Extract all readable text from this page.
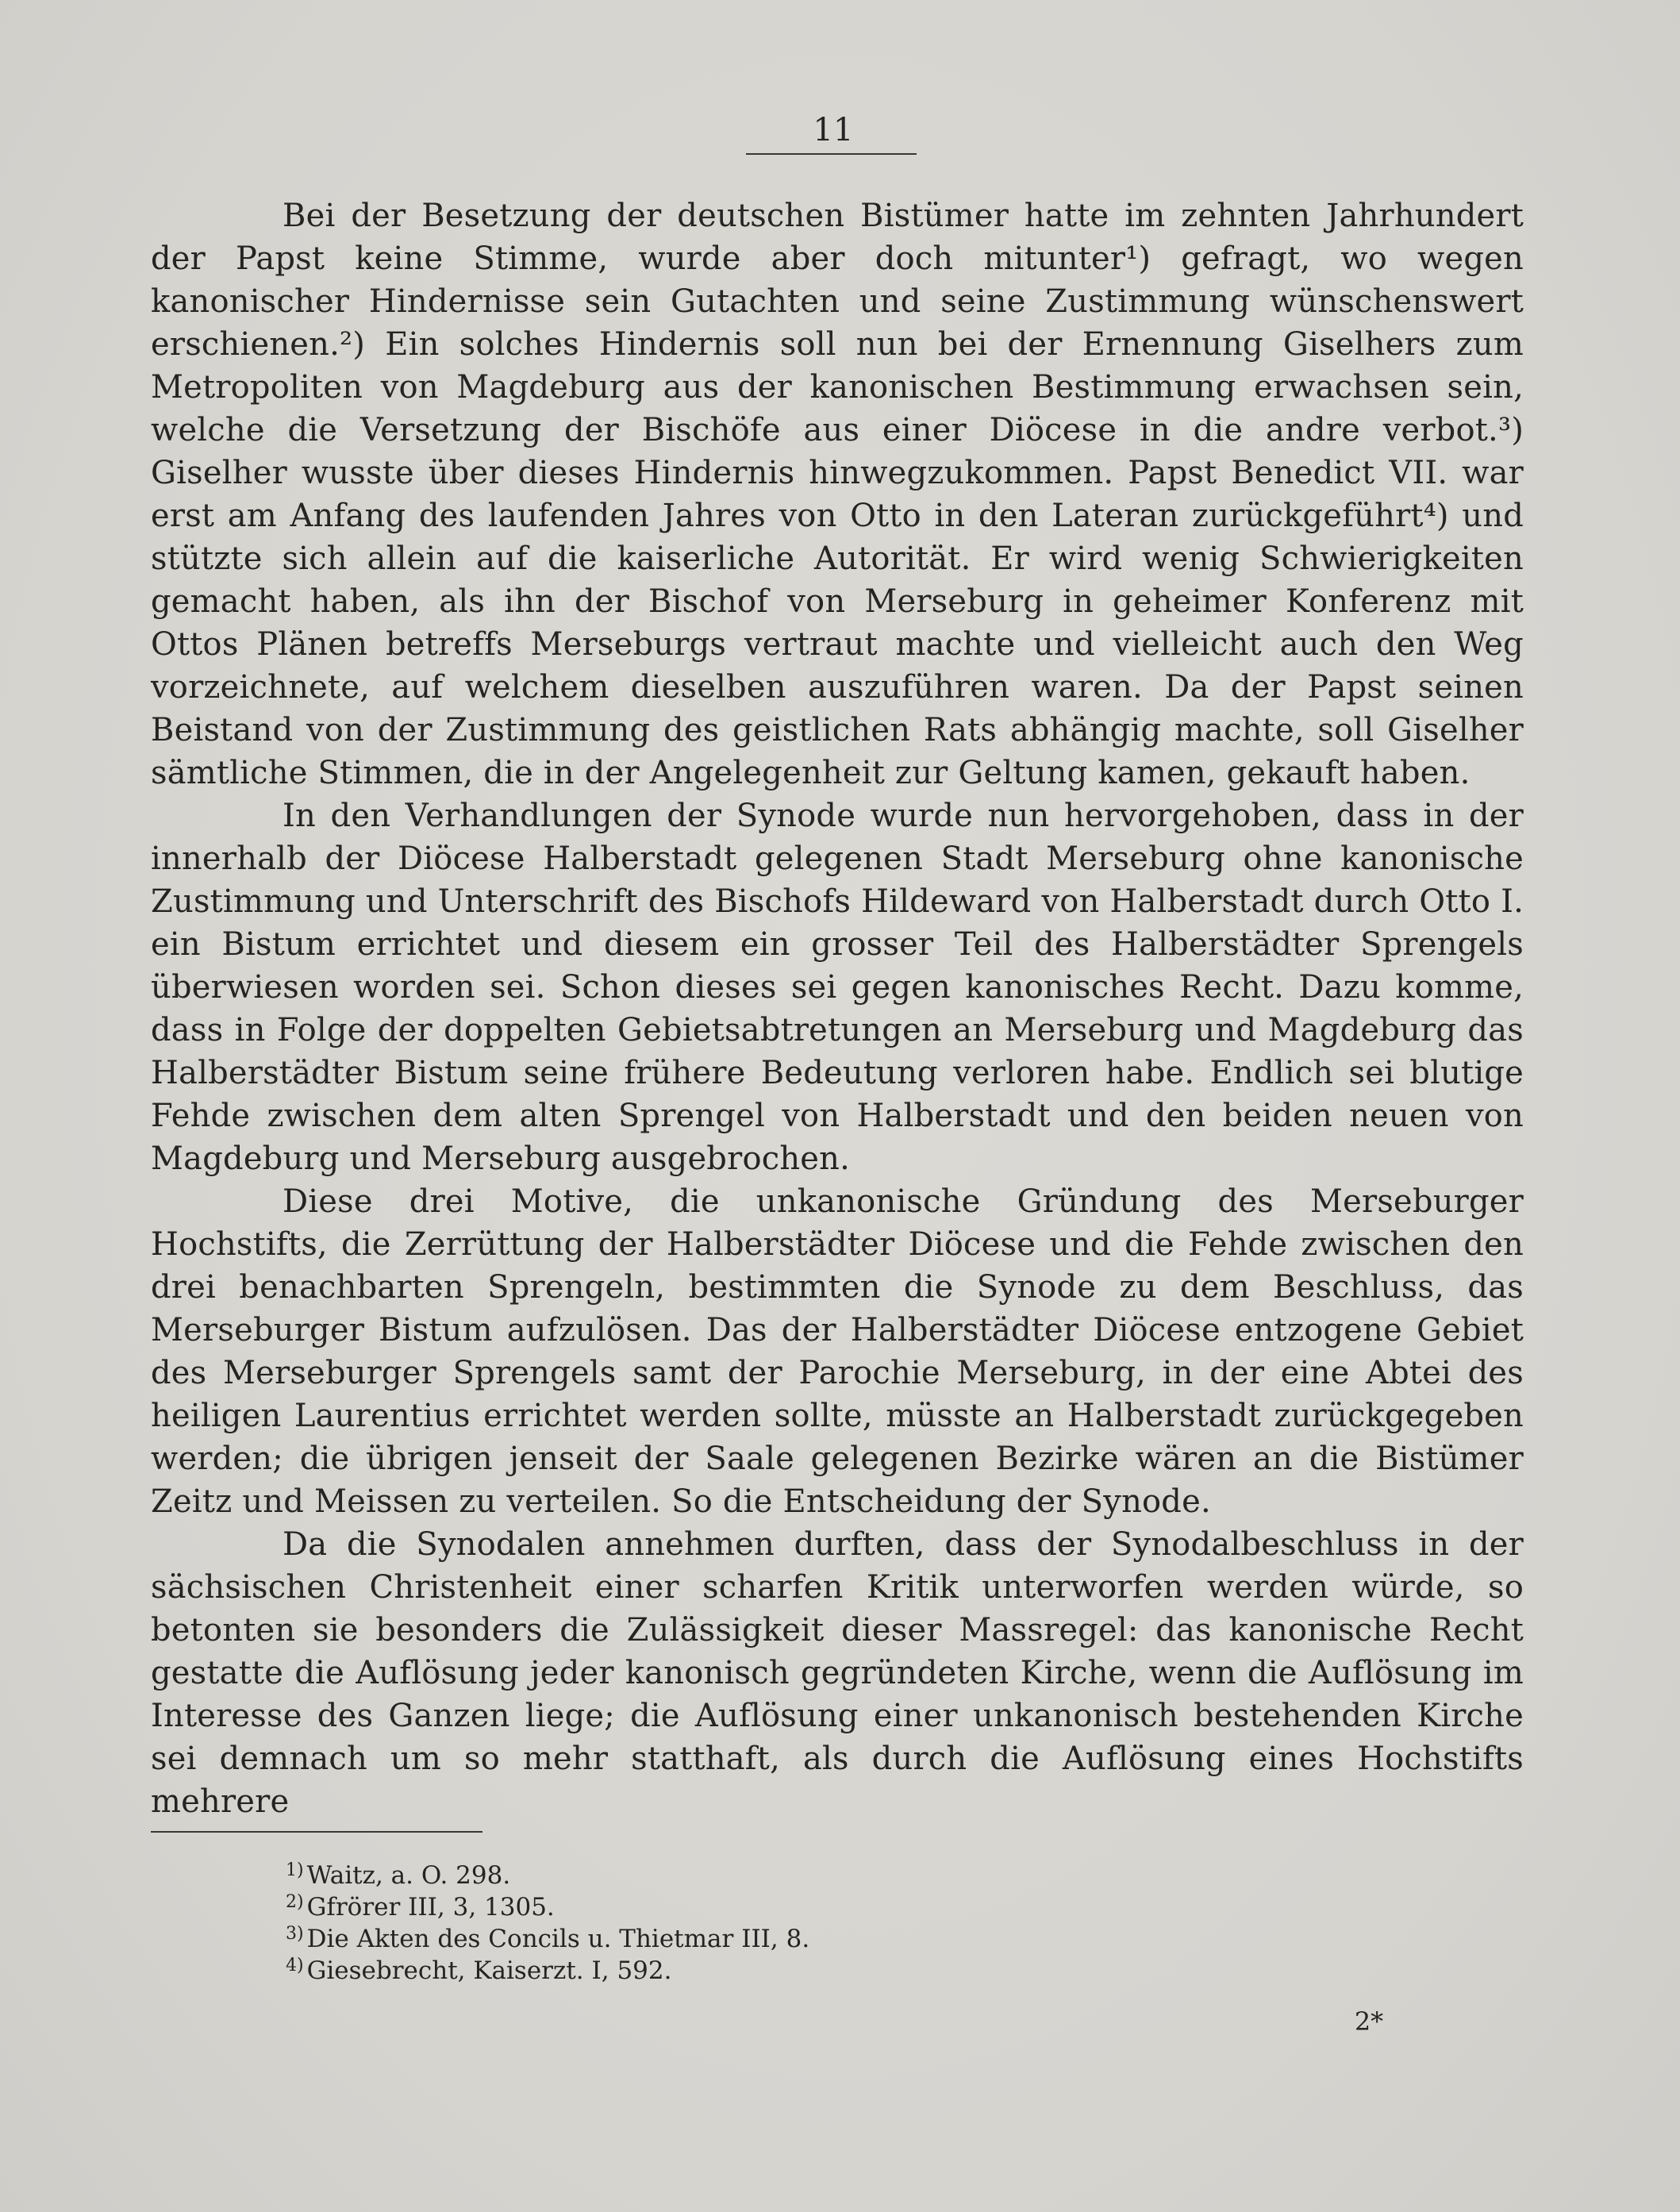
11

Bei der Besetzung der deutschen Bistümer hatte im zehnten Jahrhundert der Papst keine Stimme, wurde aber doch mitunter¹) gefragt, wo wegen kanonischer Hindernisse sein Gutachten und seine Zustimmung wünschenswert erschienen.²) Ein solches Hindernis soll nun bei der Ernennung Giselhers zum Metropoliten von Magdeburg aus der kanonischen Bestimmung erwachsen sein, welche die Versetzung der Bischöfe aus einer Diöcese in die andre verbot.³) Giselher wusste über dieses Hindernis hinwegzukommen. Papst Benedict VII. war erst am Anfang des laufenden Jahres von Otto in den Lateran zurückgeführt⁴) und stützte sich allein auf die kaiserliche Autorität. Er wird wenig Schwierigkeiten gemacht haben, als ihn der Bischof von Merseburg in geheimer Konferenz mit Ottos Plänen betreffs Merseburgs vertraut machte und vielleicht auch den Weg vorzeichnete, auf welchem dieselben auszuführen waren. Da der Papst seinen Beistand von der Zustimmung des geistlichen Rats abhängig machte, soll Giselher sämtliche Stimmen, die in der Angelegenheit zur Geltung kamen, gekauft haben.

In den Verhandlungen der Synode wurde nun hervorgehoben, dass in der innerhalb der Diöcese Halberstadt gelegenen Stadt Merseburg ohne kanonische Zustimmung und Unterschrift des Bischofs Hildeward von Halberstadt durch Otto I. ein Bistum errichtet und diesem ein grosser Teil des Halberstädter Sprengels überwiesen worden sei. Schon dieses sei gegen kanonisches Recht. Dazu komme, dass in Folge der doppelten Gebietsabtretungen an Merseburg und Magdeburg das Halberstädter Bistum seine frühere Bedeutung verloren habe. Endlich sei blutige Fehde zwischen dem alten Sprengel von Halberstadt und den beiden neuen von Magdeburg und Merseburg ausgebrochen.

Diese drei Motive, die unkanonische Gründung des Merseburger Hochstifts, die Zerrüttung der Halberstädter Diöcese und die Fehde zwischen den drei benachbarten Sprengeln, bestimmten die Synode zu dem Beschluss, das Merseburger Bistum aufzulösen. Das der Halberstädter Diöcese entzogene Gebiet des Merseburger Sprengels samt der Parochie Merseburg, in der eine Abtei des heiligen Laurentius errichtet werden sollte, müsste an Halberstadt zurückgegeben werden; die übrigen jenseit der Saale gelegenen Bezirke wären an die Bistümer Zeitz und Meissen zu verteilen. So die Entscheidung der Synode.

Da die Synodalen annehmen durften, dass der Synodalbeschluss in der sächsischen Christenheit einer scharfen Kritik unterworfen werden würde, so betonten sie besonders die Zulässigkeit dieser Massregel: das kanonische Recht gestatte die Auflösung jeder kanonisch gegründeten Kirche, wenn die Auflösung im Interesse des Ganzen liege; die Auflösung einer unkanonisch bestehenden Kirche sei demnach um so mehr statthaft, als durch die Auflösung eines Hochstifts mehrere

$^{1)}$ Waitz, a. O. 298.

$^{2)}$ Gfrörer III, 3, 1305.

$^{3)}$ Die Akten des Concils u. Thietmar III, 8.

$^{4)}$ Giesebrecht, Kaiserzt. I, 592.

2*
